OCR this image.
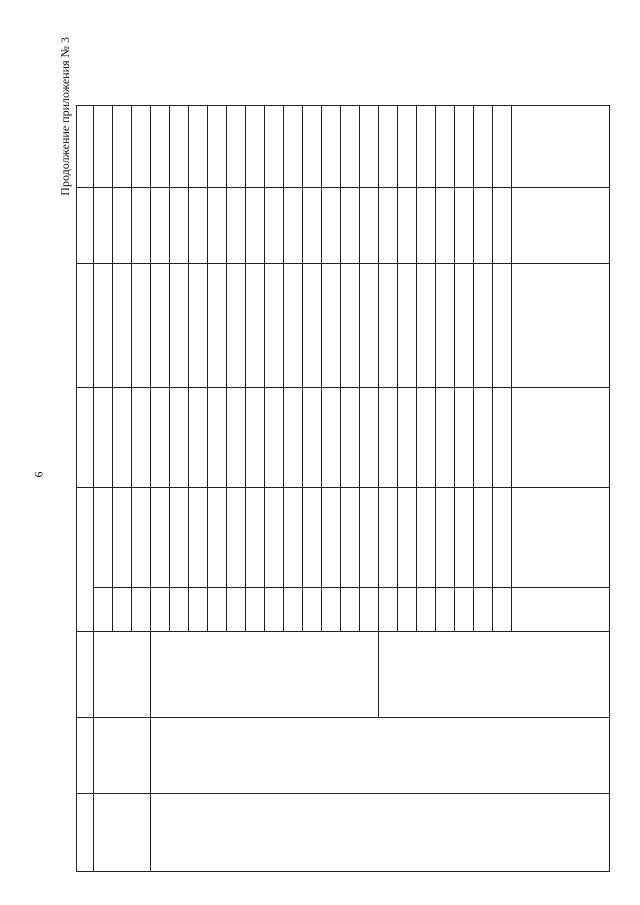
6
Продолжение приложения № 3
